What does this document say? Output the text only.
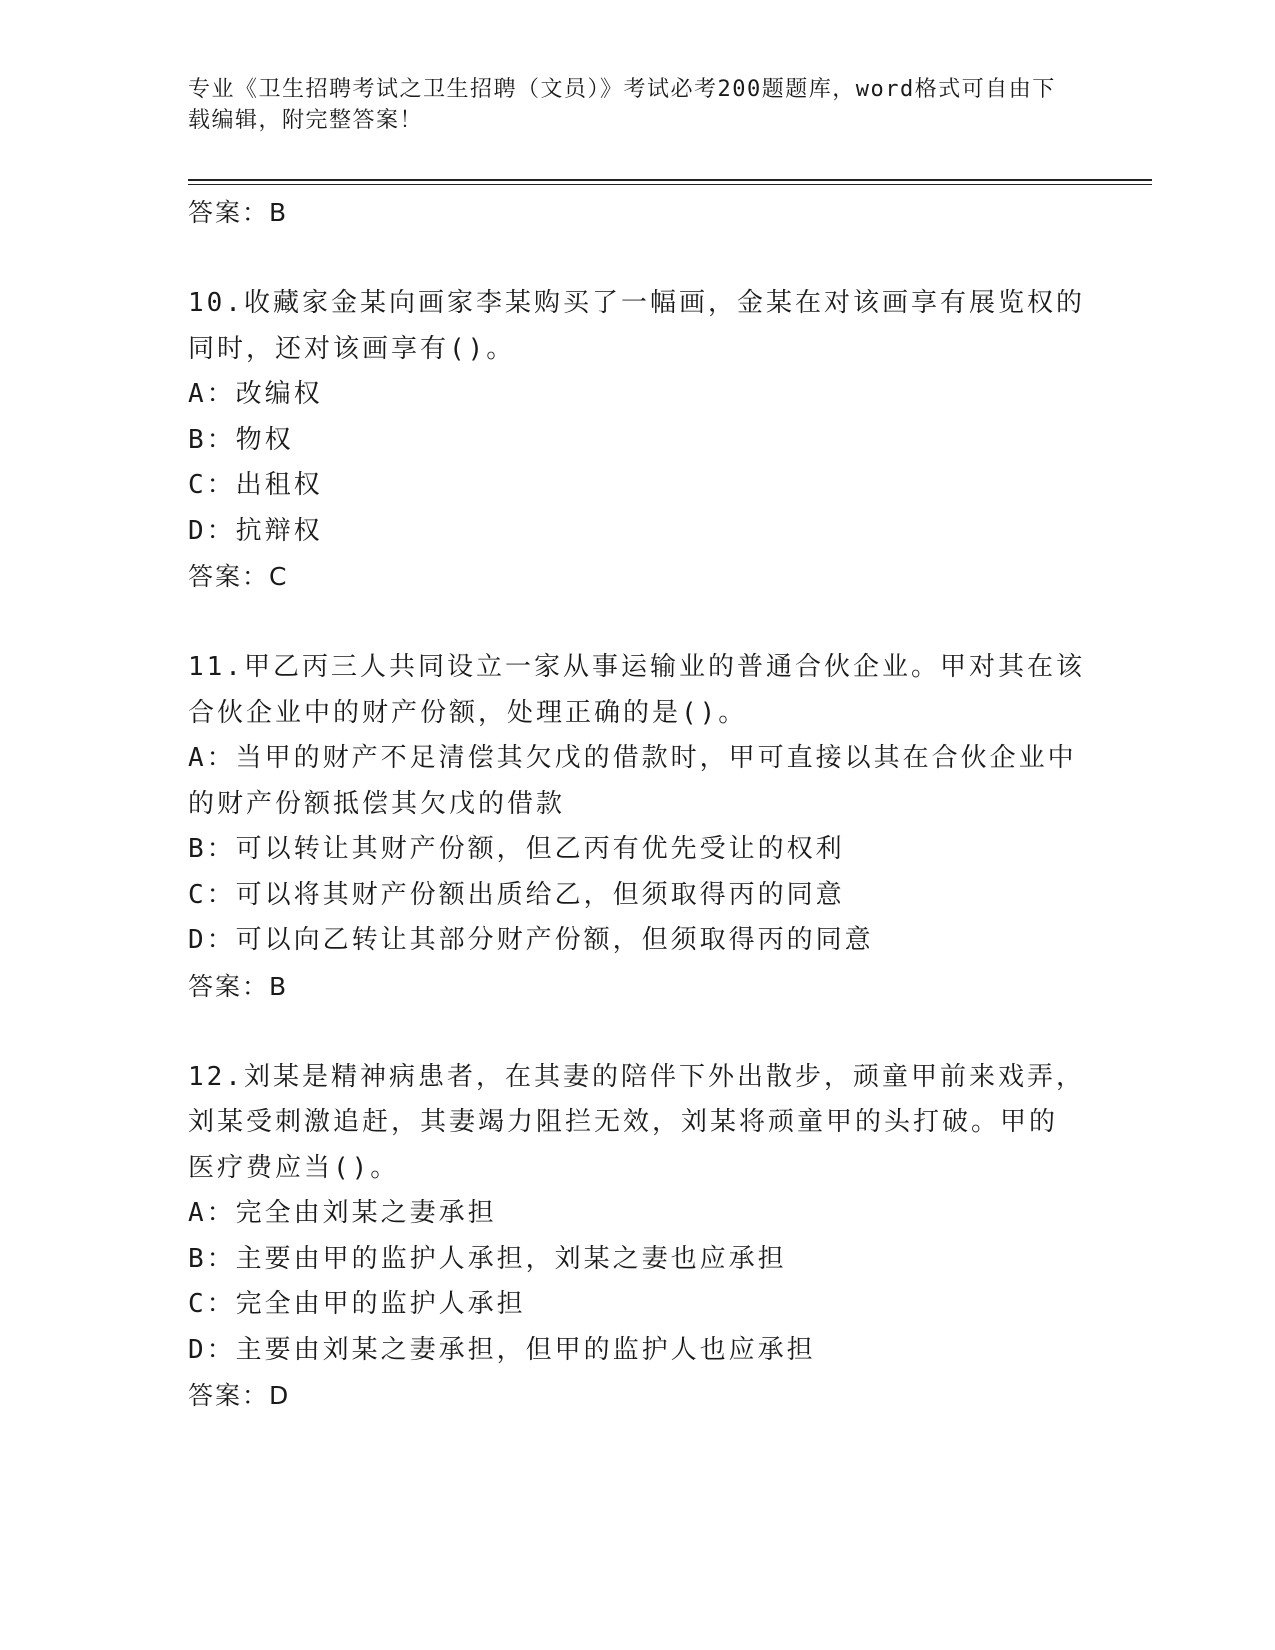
专业《卫生招聘考试之卫生招聘（文员）》考试必考200题题库，word格式可自由下载编辑，附完整答案！
答案：B
10.收藏家金某向画家李某购买了一幅画，金某在对该画享有展览权的
同时，还对该画享有()。
A：改编权
B：物权
C：出租权
D：抗辩权
答案：C
11.甲乙丙三人共同设立一家从事运输业的普通合伙企业。甲对其在该
合伙企业中的财产份额，处理正确的是()。
A：当甲的财产不足清偿其欠戊的借款时，甲可直接以其在合伙企业中
的财产份额抵偿其欠戊的借款
B：可以转让其财产份额，但乙丙有优先受让的权利
C：可以将其财产份额出质给乙，但须取得丙的同意
D：可以向乙转让其部分财产份额，但须取得丙的同意
答案：B
12.刘某是精神病患者，在其妻的陪伴下外出散步，顽童甲前来戏弄，
刘某受刺激追赶，其妻竭力阻拦无效，刘某将顽童甲的头打破。甲的
医疗费应当()。
A：完全由刘某之妻承担
B：主要由甲的监护人承担，刘某之妻也应承担
C：完全由甲的监护人承担
D：主要由刘某之妻承担，但甲的监护人也应承担
答案：D
